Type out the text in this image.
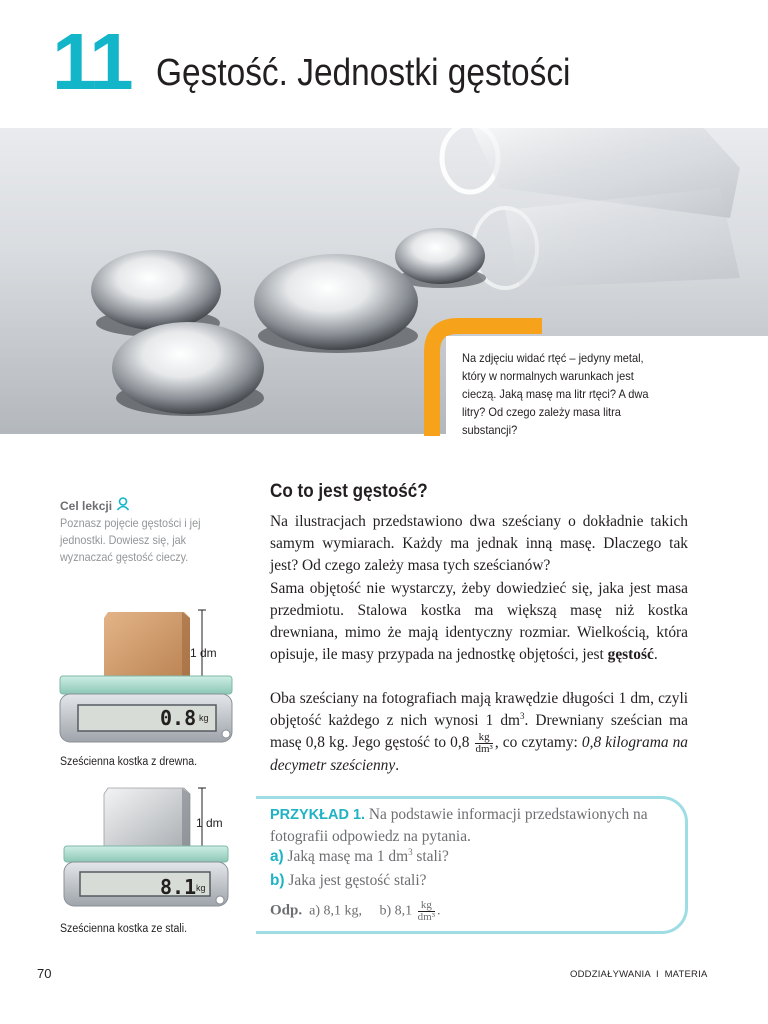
11 Gęstość. Jednostki gęstości
Na zdjęciu widać rtęć – jedyny metal, który w normalnych warunkach jest cieczą. Jaką masę ma litr rtęci? A dwa litry? Od czego zależy masa litra substancji?
Cel lekcji
Poznasz pojęcie gęstości i jej jednostki. Dowiesz się, jak wyznaczać gęstość cieczy.
1 dm
0.8 kg
Sześcienna kostka z drewna.
1 dm
8.1 kg
Sześcienna kostka ze stali.
Co to jest gęstość?
Na ilustracjach przedstawiono dwa sześciany o dokładnie takich samym wymiarach. Każdy ma jednak inną masę. Dlaczego tak jest? Od czego zależy masa tych sześcianów?
Sama objętość nie wystarczy, żeby dowiedzieć się, jaka jest masa przedmiotu. Stalowa kostka ma większą masę niż kostka drewniana, mimo że mają identyczny rozmiar. Wielkością, która opisuje, ile masy przypada na jednostkę objętości, jest gęstość.
Oba sześciany na fotografiach mają krawędzie długości 1 dm, czyli objętość każdego z nich wynosi 1 $dm^3$. Drewniany sześcian ma masę 0,8 kg. Jego gęstość to $0,8 \frac{kg}{\text{dm³}}$ , co czytamy: 0,8 kilograma na decymetr sześcienny.
PRZYKŁAD 1. Na podstawie informacji przedstawionych na fotografii odpowiedz na pytania.
a) Jaką masę ma 1 $dm^3$ stali?
b) Jaka jest gęstość stali?
Odp.  a) 8,1 kg,     b) $8,1 \frac{kg}{\text{dm³}}$ .
70	ODDZIAŁYWANIA  I  MATERIA
